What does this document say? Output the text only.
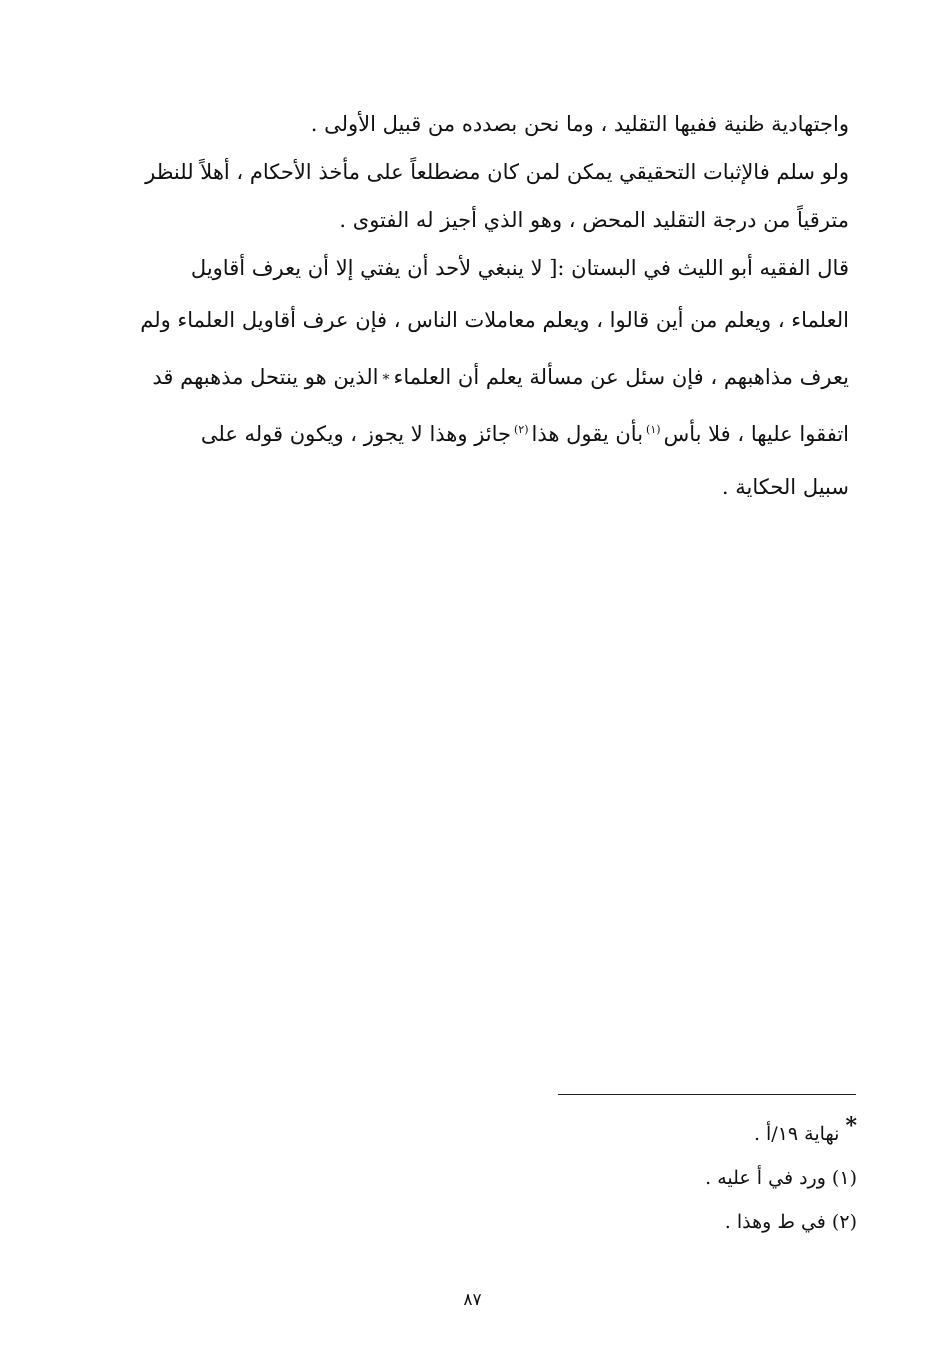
واجتهادية ظنية ففيها التقليد ، وما نحن بصدده من قبيل الأولى .
ولو سلم فالإثبات التحقيقي يمكن لمن كان مضطلعاً على مأخذ الأحكام ، أهلاً للنظر
مترقياً من درجة التقليد المحض ، وهو الذي أجيز له الفتوى .
قال الفقيه أبو الليث في البستان :[ لا ينبغي لأحد أن يفتي إلا أن يعرف أقاويل
العلماء ، ويعلم من أين قالوا ، ويعلم معاملات الناس ، فإن عرف أقاويل العلماء ولم
يعرف مذاهبهم ، فإن سئل عن مسألة يعلم أن العلماء*الذين هو ينتحل مذهبهم قد
اتفقوا عليها ، فلا بأس$^{(١)}$بأن يقول هذا$^{(٢)}$جائز وهذا لا يجوز ، ويكون قوله على
سبيل الحكاية .
*نهاية ١٩/أ .
(١) ورد في أ عليه .
(٢) في ط وهذا .
٨٧
